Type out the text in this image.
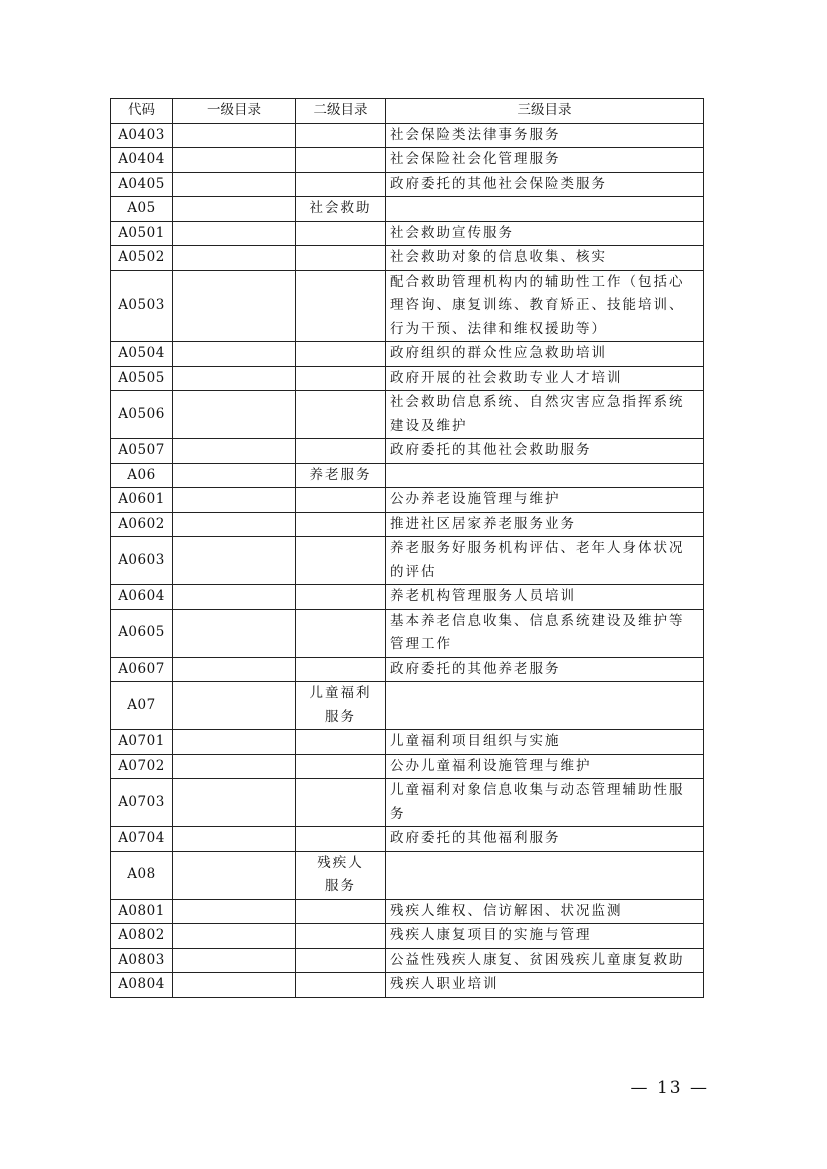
代码	一级目录	二级目录	三级目录
A0403			社会保险类法律事务服务
A0404			社会保险社会化管理服务
A0405			政府委托的其他社会保险类服务
A05		社会救助	
A0501			社会救助宣传服务
A0502			社会救助对象的信息收集、核实
A0503			配合救助管理机构内的辅助性工作（包括心理咨询、康复训练、教育矫正、技能培训、行为干预、法律和维权援助等）
A0504			政府组织的群众性应急救助培训
A0505			政府开展的社会救助专业人才培训
A0506			社会救助信息系统、自然灾害应急指挥系统建设及维护
A0507			政府委托的其他社会救助服务
A06		养老服务	
A0601			公办养老设施管理与维护
A0602			推进社区居家养老服务业务
A0603			养老服务好服务机构评估、老年人身体状况的评估
A0604			养老机构管理服务人员培训
A0605			基本养老信息收集、信息系统建设及维护等管理工作
A0607			政府委托的其他养老服务
A07		儿童福利
服务	
A0701			儿童福利项目组织与实施
A0702			公办儿童福利设施管理与维护
A0703			儿童福利对象信息收集与动态管理辅助性服务
A0704			政府委托的其他福利服务
A08		残疾人
服务	
A0801			残疾人维权、信访解困、状况监测
A0802			残疾人康复项目的实施与管理
A0803			公益性残疾人康复、贫困残疾儿童康复救助
A0804			残疾人职业培训
— 13 —
